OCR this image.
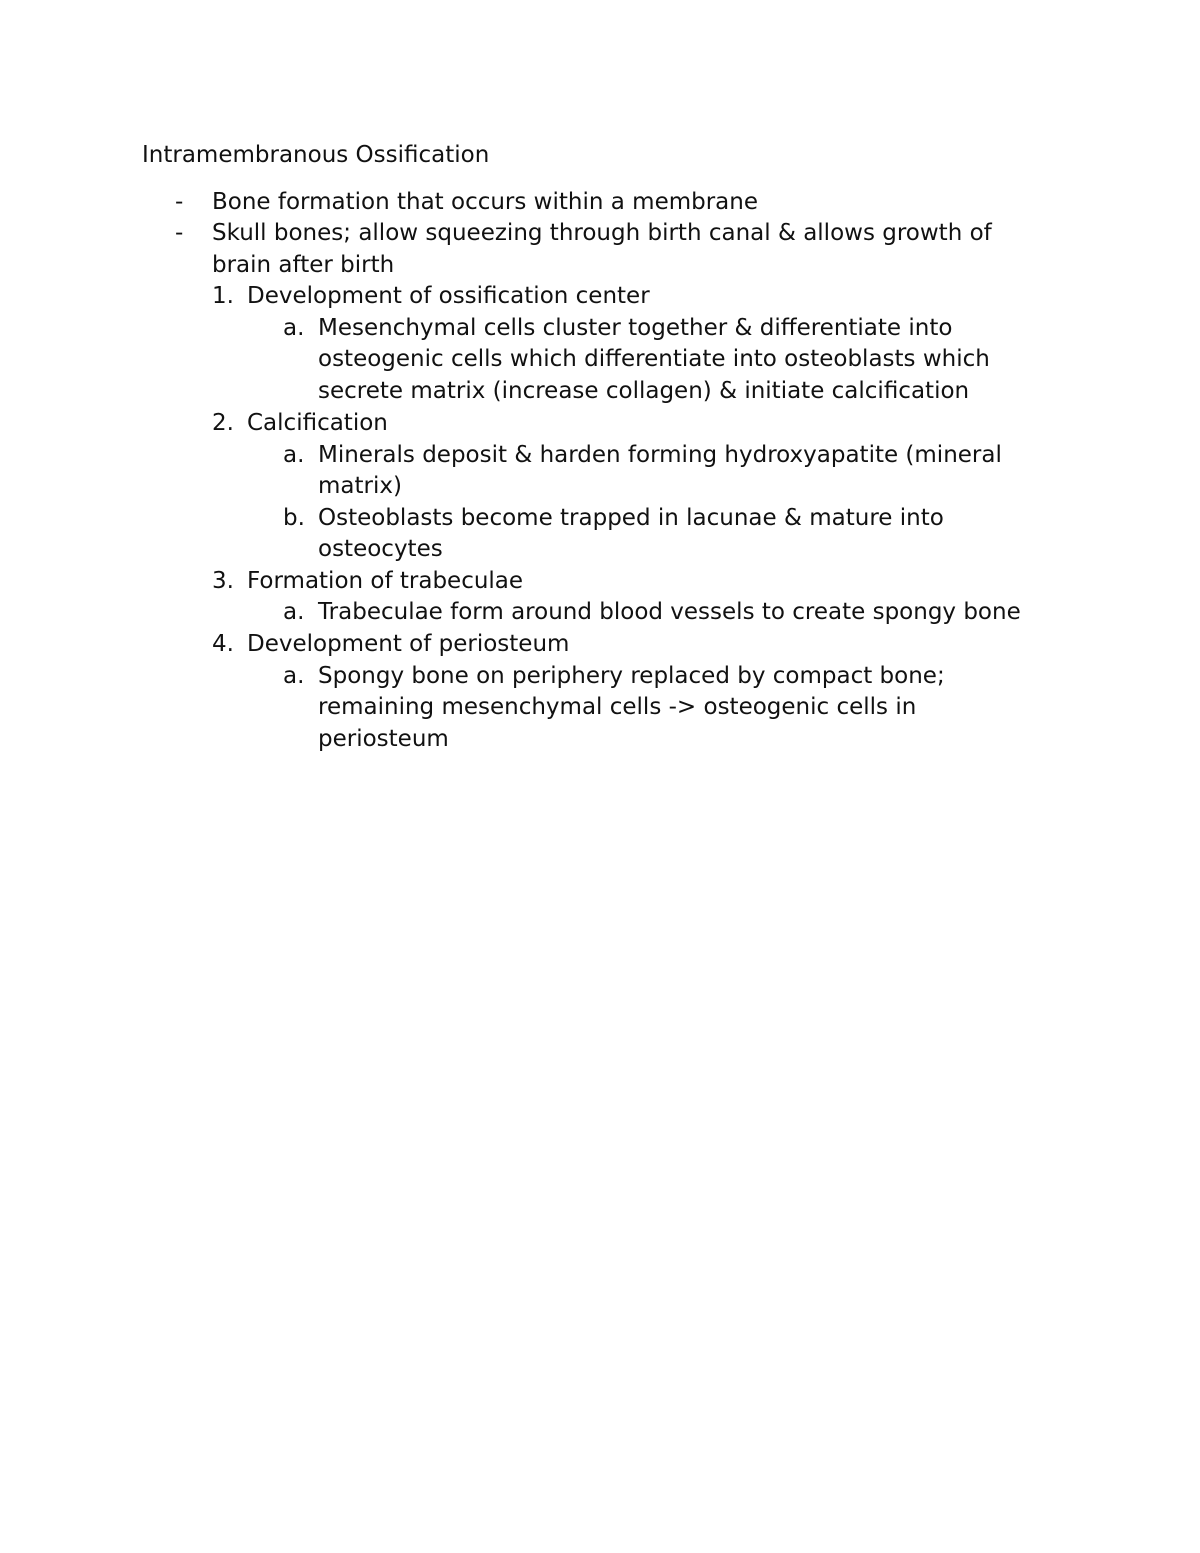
Intramembranous Ossification
- Bone formation that occurs within a membrane
- Skull bones; allow squeezing through birth canal & allows growth of
brain after birth
1. Development of ossification center
a. Mesenchymal cells cluster together & differentiate into
osteogenic cells which differentiate into osteoblasts which
secrete matrix (increase collagen) & initiate calcification
2. Calcification
a. Minerals deposit & harden forming hydroxyapatite (mineral
matrix)
b. Osteoblasts become trapped in lacunae & mature into
osteocytes
3. Formation of trabeculae
a. Trabeculae form around blood vessels to create spongy bone
4. Development of periosteum
a. Spongy bone on periphery replaced by compact bone;
remaining mesenchymal cells -> osteogenic cells in
periosteum
